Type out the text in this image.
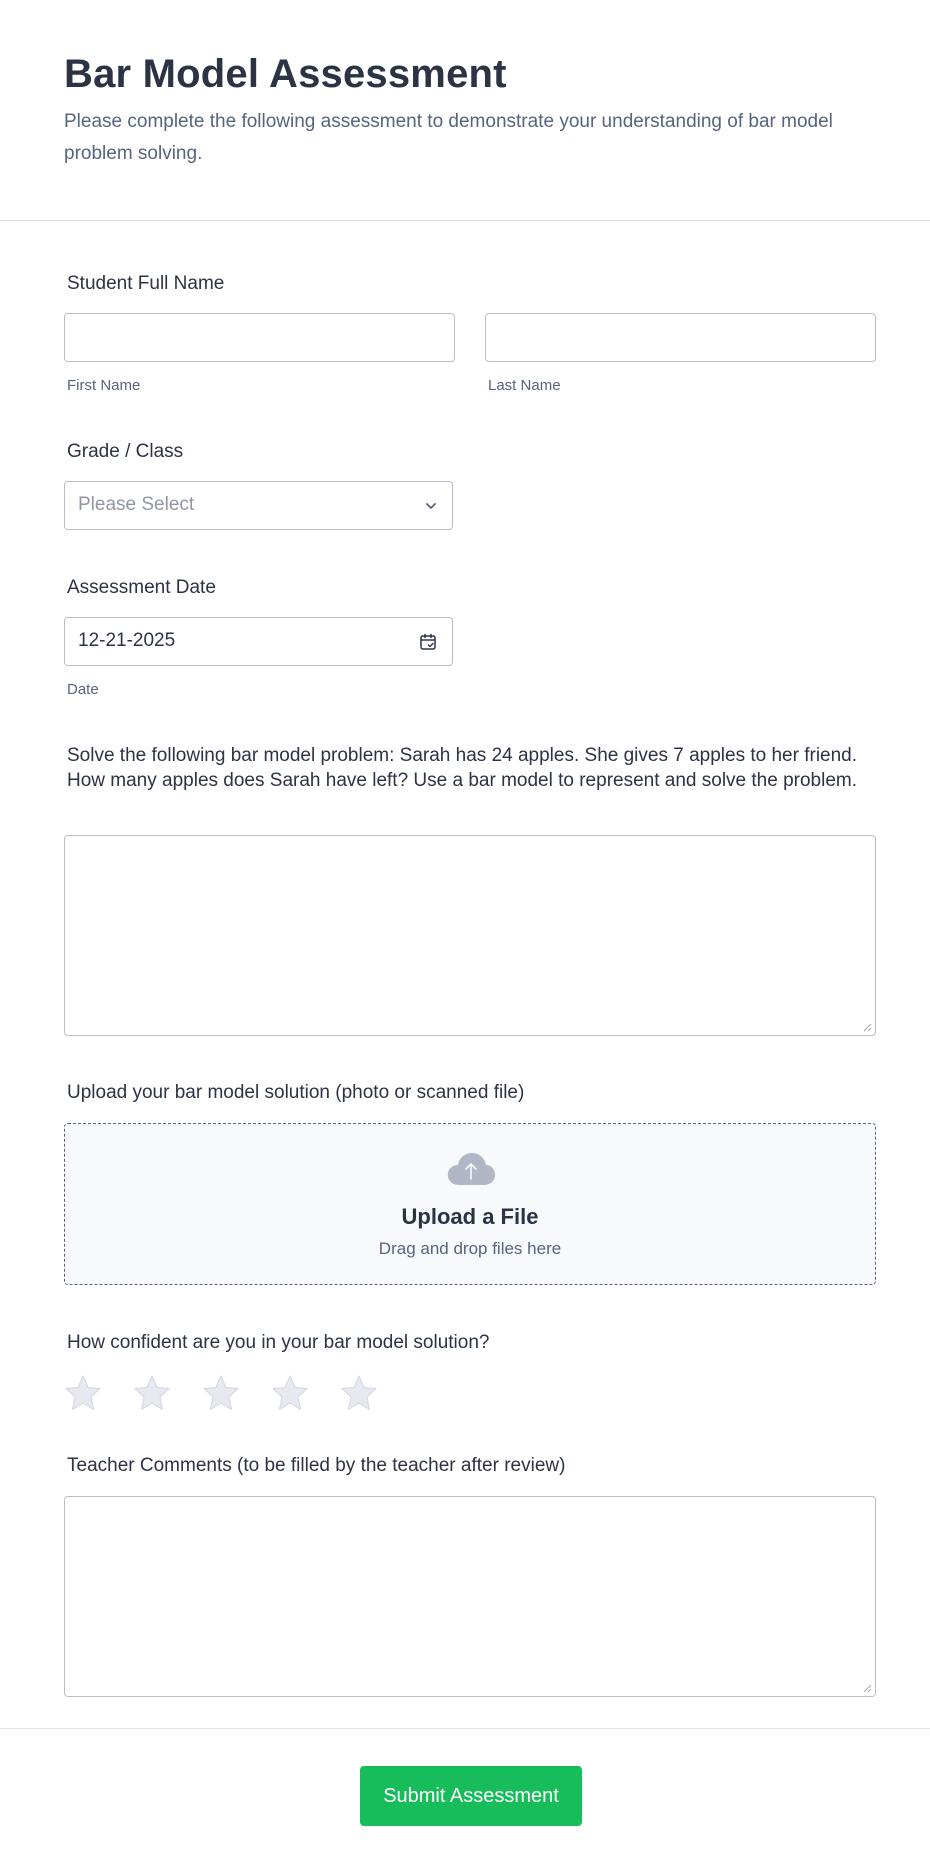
Bar Model Assessment

Please complete the following assessment to demonstrate your understanding of bar model problem solving.

Student Full Name
First Name	Last Name
Grade / Class
Please Select
Assessment Date
12-21-2025
Date
Solve the following bar model problem: Sarah has 24 apples. She gives 7 apples to her friend. How many apples does Sarah have left? Use a bar model to represent and solve the problem.
Upload your bar model solution (photo or scanned file)
Upload a File
Drag and drop files here
How confident are you in your bar model solution?
Teacher Comments (to be filled by the teacher after review)
Submit Assessment
